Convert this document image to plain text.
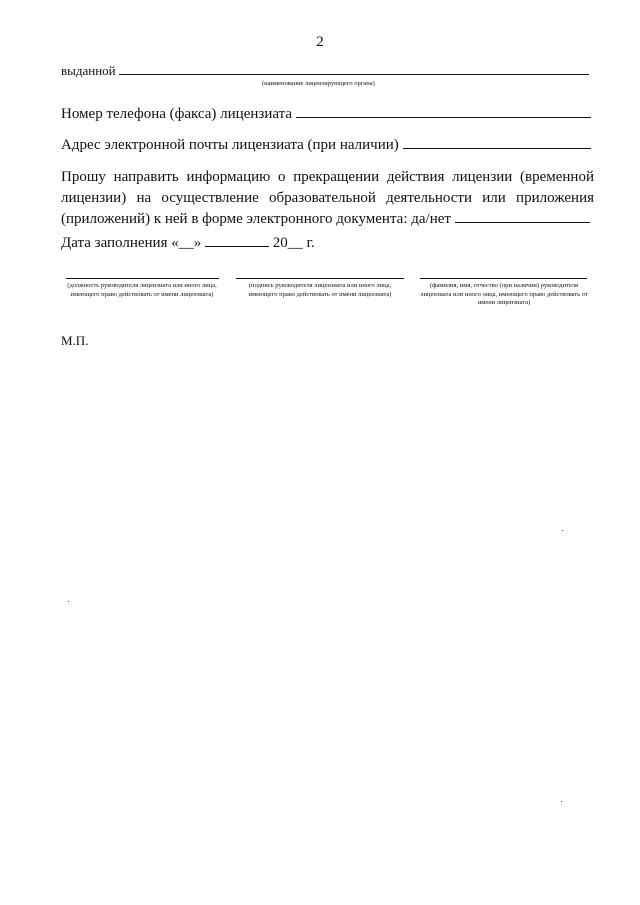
2
выданной
(наименование лицензирующего органа)
Номер телефона (факса) лицензиата
Адрес электронной почты лицензиата (при наличии)
Прошу направить информацию о прекращении действия лицензии (временной лицензии) на осуществление образовательной деятельности или приложения (приложений) к ней в форме электронного документа: да/нет
Дата заполнения «__»	20__ г.
(должность руководителя лицензиата или иного лица, имеющего право действовать от имени лицензиата)
(подпись руководителя лицензиата или иного лица, имеющего право действовать от имени лицензиата)
(фамилия, имя, отчество (при наличии) руководителя лицензиата или иного лица, имеющего право действовать от имени лицензиата)
М.П.
